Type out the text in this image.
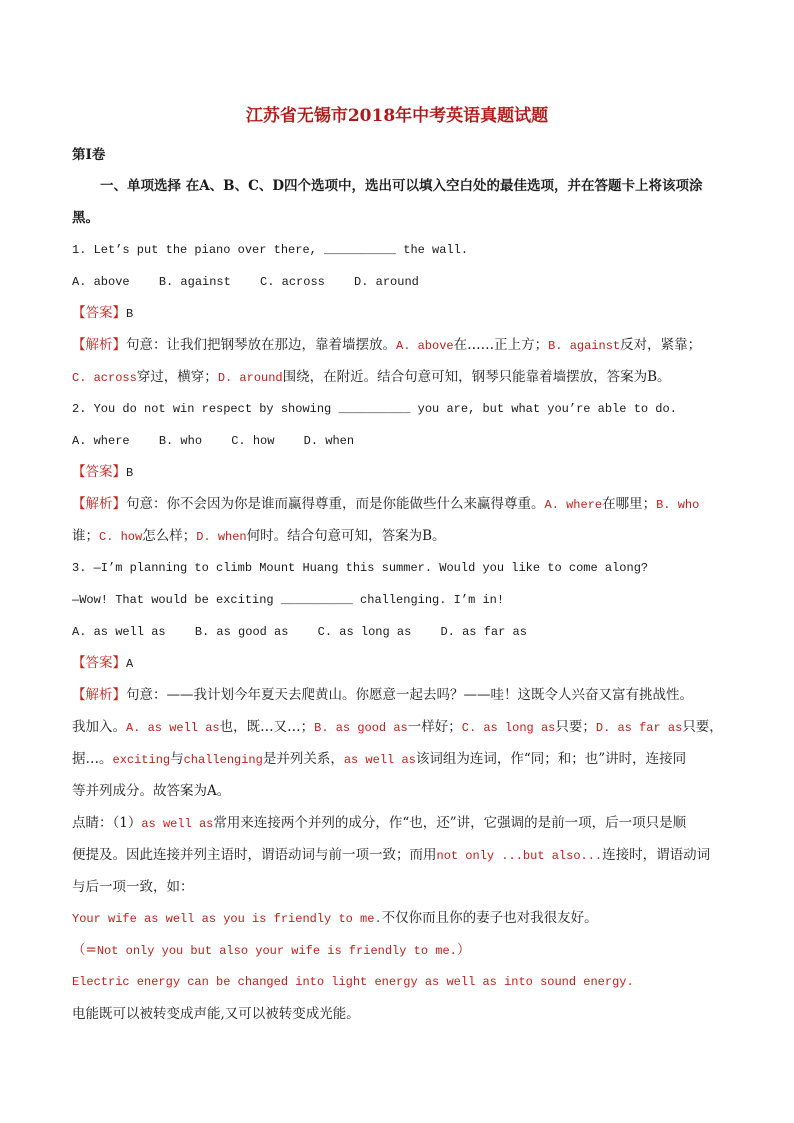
江苏省无锡市2018年中考英语真题试题
第Ⅰ卷
一、单项选择 在A、B、C、D四个选项中，选出可以填入空白处的最佳选项，并在答题卡上将该项涂
黑。
1. Let’s put the piano over there, __________ the wall.
A. above B. against C. across D. around
【答案】B
【解析】句意：让我们把钢琴放在那边，靠着墙摆放。A. above在……正上方；B. against反对，紧靠；
C. across穿过，横穿；D. around围绕，在附近。结合句意可知，钢琴只能靠着墙摆放，答案为B。
2. You do not win respect by showing __________ you are, but what you’re able to do.
A. where B. who C. how D. when
【答案】B
【解析】句意：你不会因为你是谁而赢得尊重，而是你能做些什么来赢得尊重。A. where在哪里；B. who
谁；C. how怎么样；D. when何时。结合句意可知，答案为B。
3. —I’m planning to climb Mount Huang this summer. Would you like to come along?
—Wow! That would be exciting __________ challenging. I’m in!
A. as well as B. as good as C. as long as D. as far as
【答案】A
【解析】句意：——我计划今年夏天去爬黄山。你愿意一起去吗？——哇！这既令人兴奋又富有挑战性。
我加入。A. as well as也，既…又…；B. as good as一样好；C. as long as只要；D. as far as只要，
据…。exciting与challenging是并列关系，as well as该词组为连词，作“同；和；也”讲时，连接同
等并列成分。故答案为A。
点睛：（1）as well as常用来连接两个并列的成分，作“也，还”讲，它强调的是前一项，后一项只是顺
便提及。因此连接并列主语时，谓语动词与前一项一致；而用not only ...but also...连接时，谓语动词
与后一项一致，如：
Your wife as well as you is friendly to me.不仅你而且你的妻子也对我很友好。
（=Not only you but also your wife is friendly to me.）
Electric energy can be changed into light energy as well as into sound energy.
电能既可以被转变成声能,又可以被转变成光能。
